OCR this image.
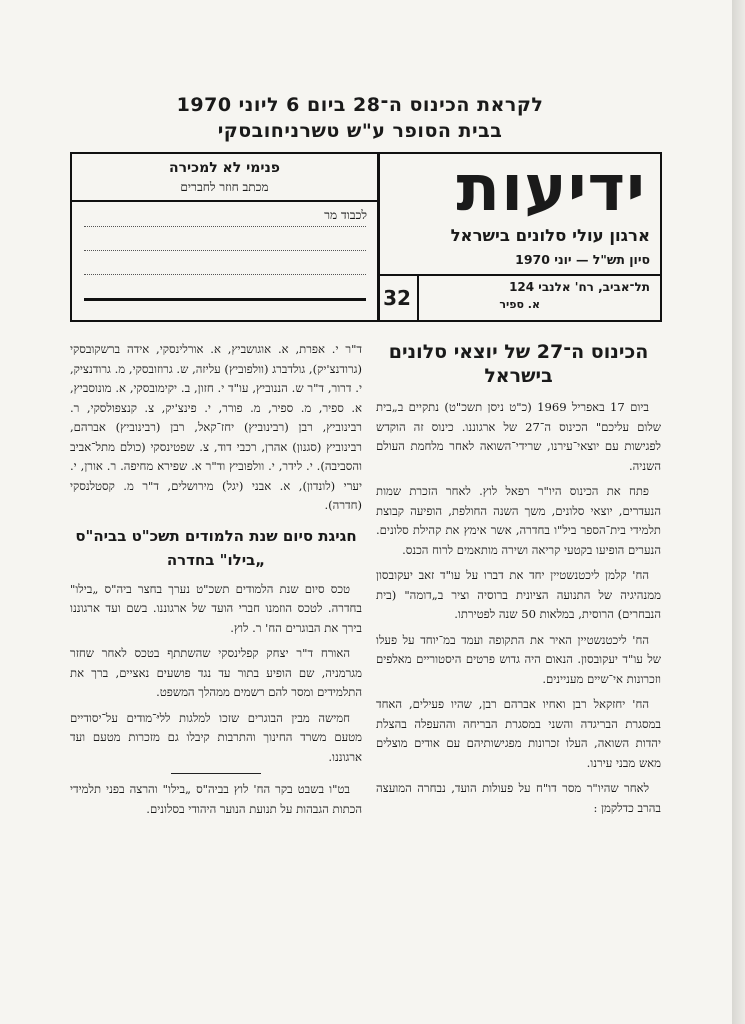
לקראת הכינוס ה־28 ביום 6 ליוני 1970
בבית הסופר ע"ש טשרניחובסקי
פנימי לא למכירה
מכתב חוזר לחברים
לכבוד מר ידיעות
ארגון עולי סלונים בישראל
סיון תש"ל — יוני 1970
32	תל־אביב, רח' אלנבי 124
א. ספיר
הכינוס ה־27 של יוצאי סלונים בישראל

ביום 17 באפריל 1969 (כ"ט ניסן תשכ"ט) נתקיים ב„בית שלום עליכם" הכינוס ה־27 של ארגוננו. כינוס זה הוקדש לפגישות עם יוצאי־עירנו, שרידי־השואה לאחר מלחמת העולם השניה.

פתח את הכינוס היו"ר רפאל לוץ. לאחר הזכרת שמות הנעדרים, יוצאי סלונים, משך השנה החולפת, הופיעה קבוצת תלמידי בית־הספר ביל"ו בחדרה, אשר אימץ את קהילת סלונים. הנערים הופיעו בקטעי קריאה ושירה מותאמים לרוח הכנס.

הח' קלמן ליכטנשטיין יחד את דברו על עו"ד זאב יעקובסון ממנהיגיה של התנועה הציונית ברוסיה וציר ב„דומה" (בית הנבחרים) הרוסית, במלאות 50 שנה לפטירתו.

הח' ליכטנשטיין האיר את התקופה ועמד במ־יוחד על פעלו של עו"ד יעקובסון. הנאום היה גדוש פרטים היסטוריים מאלפים וזכרונות אי־שיים מעניינים.

הח' יחזקאל רבן ואחיו אברהם רבן, שהיו פעילים, האחד במסגרת הבריגדה והשני במסגרת הבריחה וההעפלה בהצלת יהדות השואה, העלו זכרונות מפגישותיהם עם אודים מוצלים מאש מבני עירנו.

לאחר שהיו"ר מסר דו"ח על פעולות הועד, נבחרה המועצה בהרב כדלקמן :

ד"ר י. אפרת, א. אוגושביץ, א. אורלינסקי, אידה ברשקובסקי (גרודנצ'יק), גולדברג (וולפוביץ) עליזה, ש. גרוזובסקי, מ. גרודנציק, י. דרור, ד"ר ש. הננוביץ, עו"ד י. חזון, ב. יקימובסקי, א. מונוסביץ, א. ספיר, מ. ספיר, מ. פורר, י. פינצ'יק, צ. קנצפולסקי, ר. רבינוביץ, רבן (רבינוביץ) יחז־קאל, רבן (רבינוביץ) אברהם, רבינוביץ (סגנון) אהרן, רכבי דוד, צ. שפטינסקי (כולם מתל־אביב והסביבה). י. לידר, י. וולפוביץ וד"ר א. שפירא מחיפה. ר. אורן, י. יערי (לונדון), א. אבני (יגל) מירושלים, ד"ר מ. קסטלנסקי (חדרה).

חגיגת סיום שנת הלמודים תשכ"ט בביה"ס „בילו" בחדרה

טכס סיום שנת הלמודים תשכ"ט נערך בחצר ביה"ס „בילו" בחדרה. לטכס הוזמנו חברי הועד של ארגוננו. בשם ועד ארגוננו בירך את הבוגרים הח' ר. לוץ.

האורח ד"ר יצחק קפלינסקי שהשתתף בטכס לאחר שחזר מגרמניה, שם הופיע בתור עד נגד פושעים נאציים, ברך את התלמידים ומסר להם רשמים ממהלך המשפט.

חמישה מבין הבוגרים שזכו למלגות לליּ־מודים על־יסודיים מטעם משרד החינוך והתרבות קיבלו גם מזכרות מטעם ועד ארגוננו.

בט"ו בשבט בקר הח' לוץ בביה"ס „בילו" והרצה בפני תלמידי הכתות הגבהות על תנועת הנוער היהודי בסלונים.
